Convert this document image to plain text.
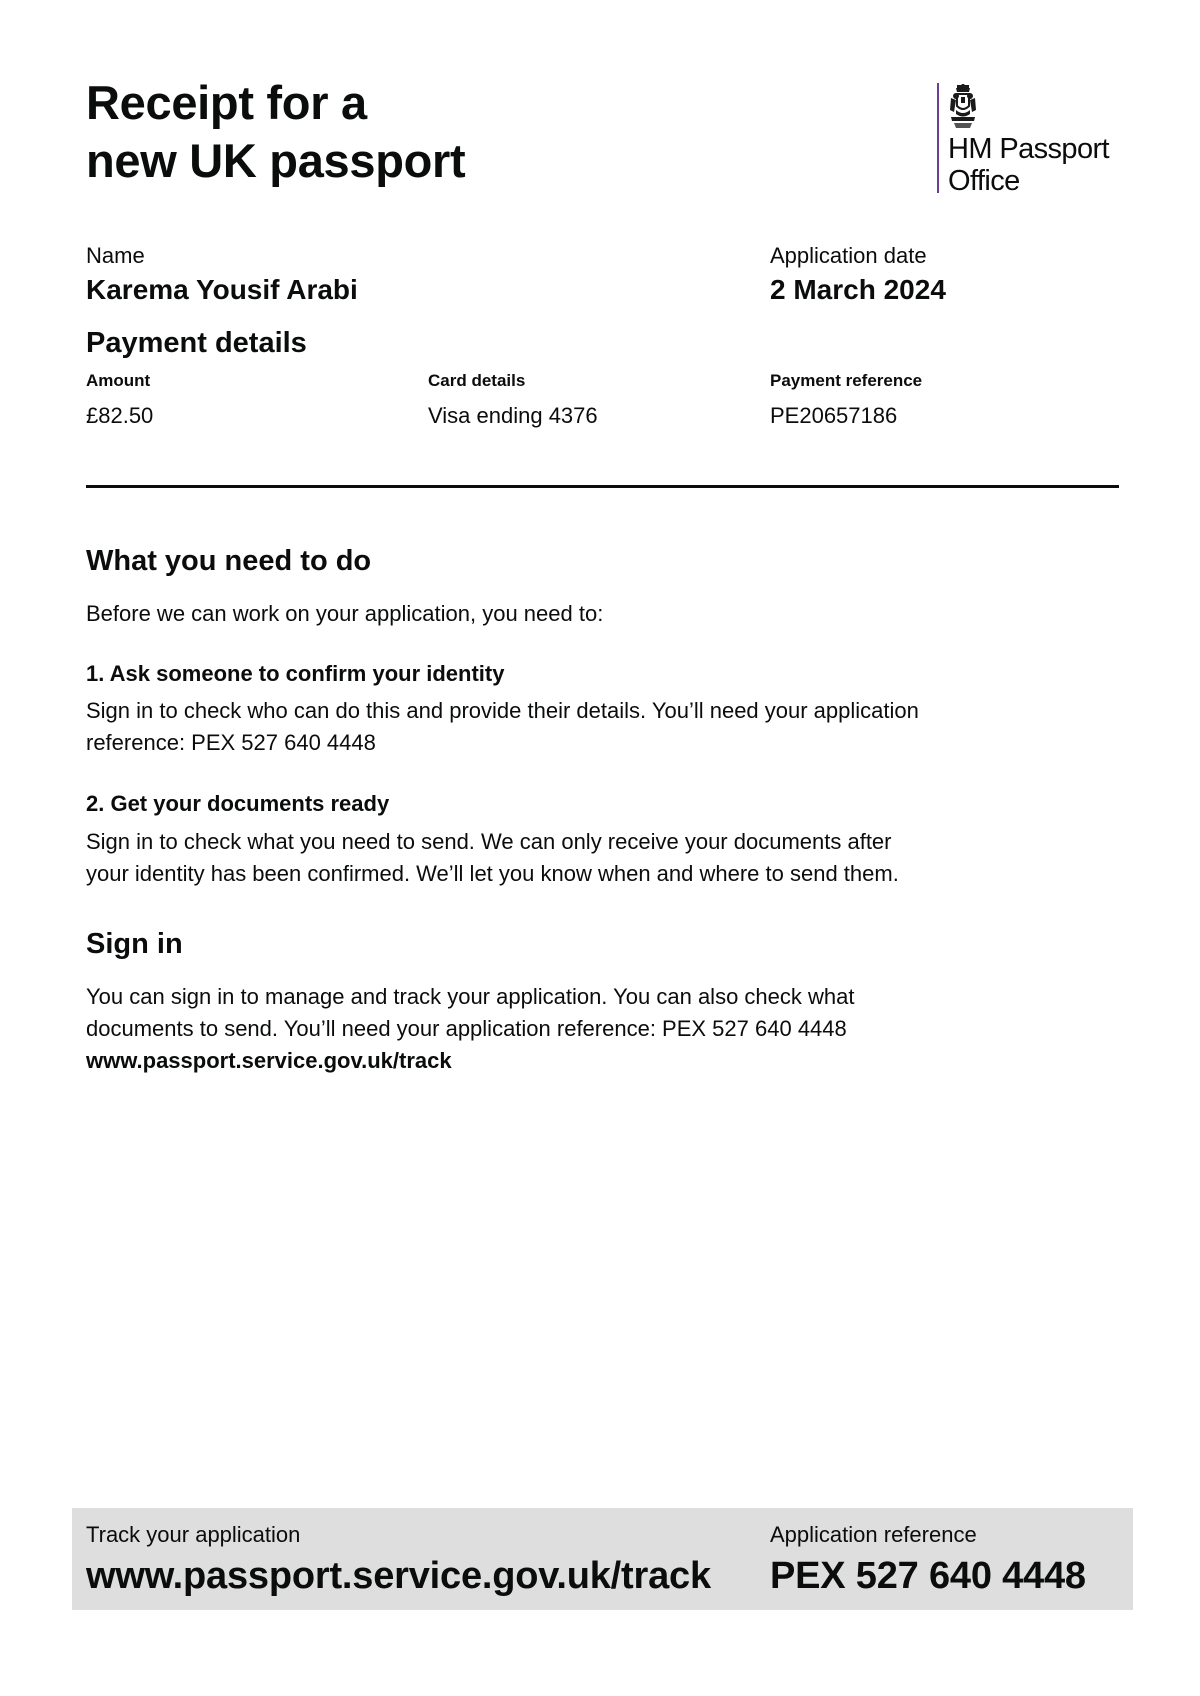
Receipt for a
new UK passport	HM Passport
Office
Name
Karema Yousif Arabi
Application date
2 March 2024
Payment details
Amount
£82.50
Card details
Visa ending 4376
Payment reference
PE20657186
What you need to do
Before we can work on your application, you need to:
1. Ask someone to confirm your identity
Sign in to check who can do this and provide their details. You’ll need your application
reference: PEX 527 640 4448
2. Get your documents ready
Sign in to check what you need to send. We can only receive your documents after
your identity has been confirmed. We’ll let you know when and where to send them.
Sign in
You can sign in to manage and track your application. You can also check what
documents to send. You’ll need your application reference: PEX 527 640 4448
www.passport.service.gov.uk/track
Track your application
www.passport.service.gov.uk/track
Application reference
PEX 527 640 4448
